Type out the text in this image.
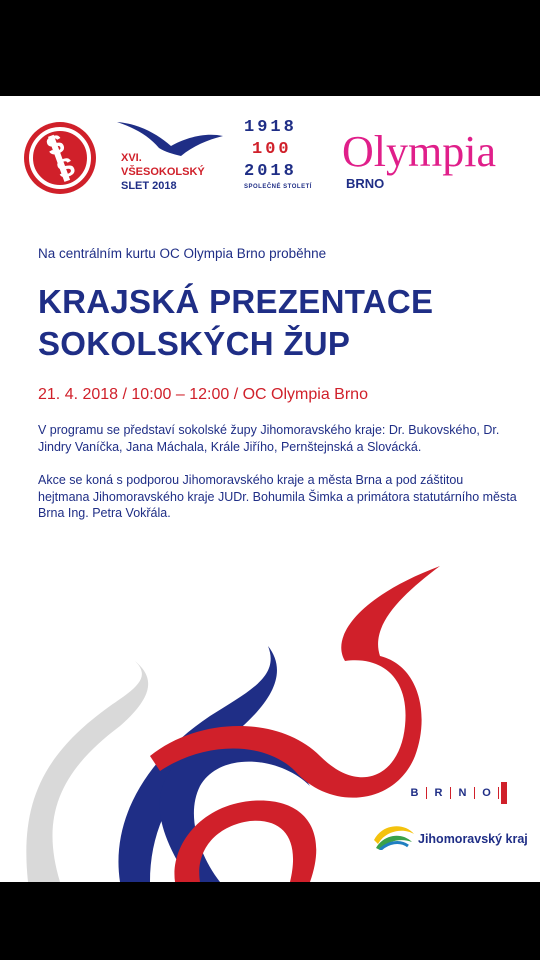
XVI.
VŠESOKOLSKÝ
SLET 2018
1918
100
2018
SPOLEČNÉ STOLETÍ
Olympia
BRNO
Na centrálním kurtu OC Olympia Brno proběhne
KRAJSKÁ PREZENTACE
SOKOLSKÝCH ŽUP
21. 4. 2018 / 10:00 – 12:00 / OC Olympia Brno
V programu se představí sokolské župy Jihomoravského kraje: Dr. Bukovského, Dr. Jindry Vaníčka, Jana Máchala, Krále Jiřího, Pernštejnská a Slovácká.
Akce se koná s podporou Jihomoravského kraje a města Brna a pod záštitou hejtmana Jihomoravského kraje JUDr. Bohumila Šimka a primátora statutárního města Brna Ing. Petra Vokřála.
B	R	N	O
Jihomoravský kraj
